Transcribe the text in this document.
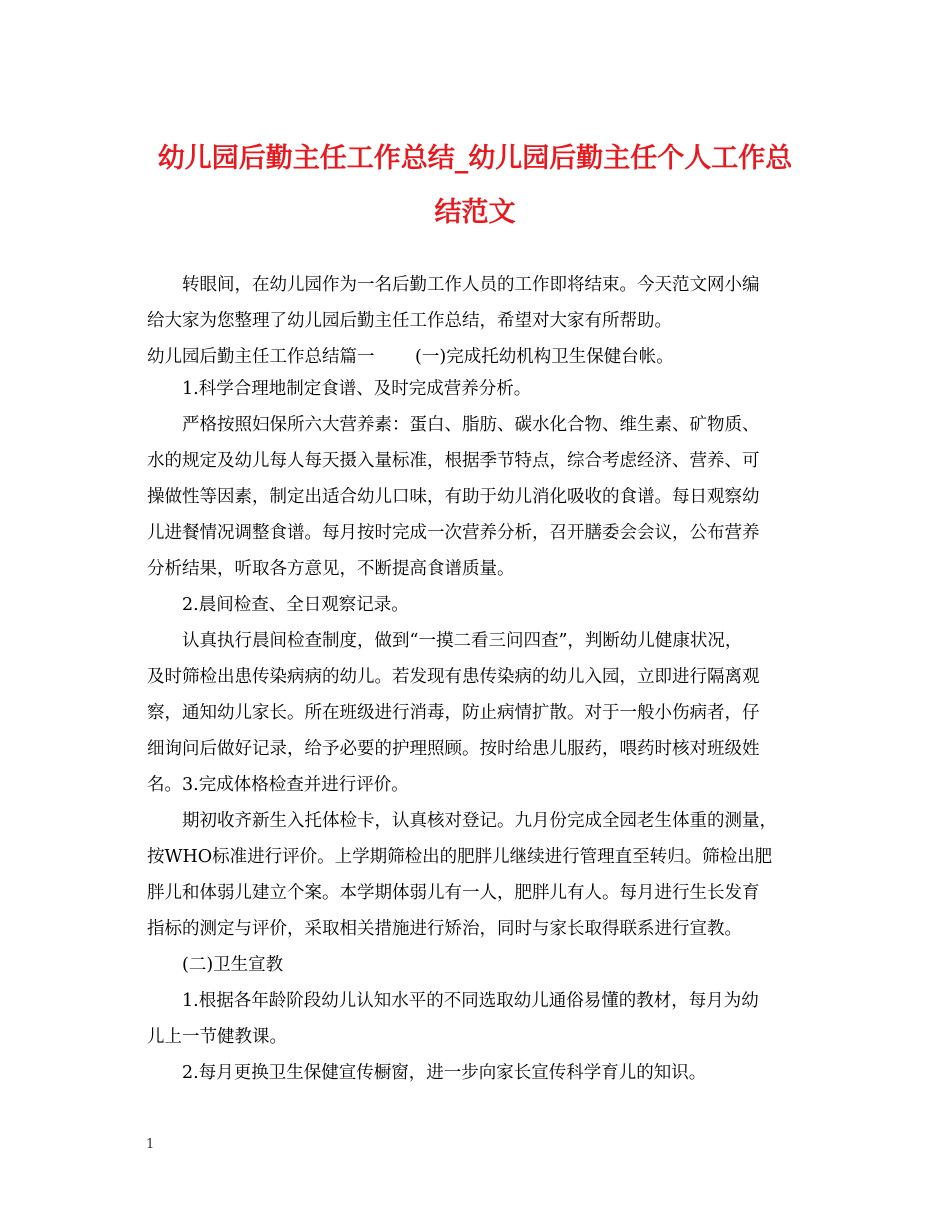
幼儿园后勤主任工作总结_幼儿园后勤主任个人工作总
结范文

转眼间，在幼儿园作为一名后勤工作人员的工作即将结束。今天范文网小编

给大家为您整理了幼儿园后勤主任工作总结，希望对大家有所帮助。

幼儿园后勤主任工作总结篇一　　 (一)完成托幼机构卫生保健台帐。

1.科学合理地制定食谱、及时完成营养分析。

严格按照妇保所六大营养素：蛋白、脂肪、碳水化合物、维生素、矿物质、

水的规定及幼儿每人每天摄入量标准，根据季节特点，综合考虑经济、营养、可

操做性等因素，制定出适合幼儿口味，有助于幼儿消化吸收的食谱。每日观察幼

儿进餐情况调整食谱。每月按时完成一次营养分析，召开膳委会会议，公布营养

分析结果，听取各方意见，不断提高食谱质量。

2.晨间检查、全日观察记录。

认真执行晨间检查制度，做到“一摸二看三问四查”，判断幼儿健康状况，

及时筛检出患传染病病的幼儿。若发现有患传染病的幼儿入园，立即进行隔离观

察，通知幼儿家长。所在班级进行消毒，防止病情扩散。对于一般小伤病者，仔

细询问后做好记录，给予必要的护理照顾。按时给患儿服药，喂药时核对班级姓

名。3.完成体格检查并进行评价。

期初收齐新生入托体检卡，认真核对登记。九月份完成全园老生体重的测量，

按WHO标准进行评价。上学期筛检出的肥胖儿继续进行管理直至转归。筛检出肥

胖儿和体弱儿建立个案。本学期体弱儿有一人，肥胖儿有人。每月进行生长发育

指标的测定与评价，采取相关措施进行矫治，同时与家长取得联系进行宣教。

(二)卫生宣教

1.根据各年龄阶段幼儿认知水平的不同选取幼儿通俗易懂的教材，每月为幼

儿上一节健教课。

2.每月更换卫生保健宣传橱窗，进一步向家长宣传科学育儿的知识。

1
